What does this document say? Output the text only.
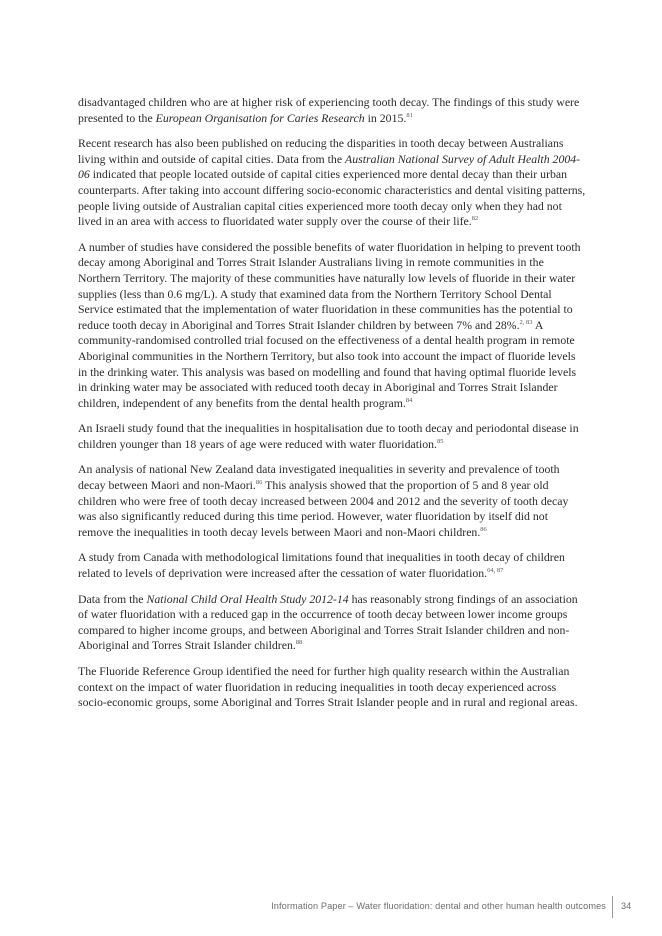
disadvantaged children who are at higher risk of experiencing tooth decay. The findings of this study were presented to the European Organisation for Caries Research in 2015.81

Recent research has also been published on reducing the disparities in tooth decay between Australians living within and outside of capital cities. Data from the Australian National Survey of Adult Health 2004-06 indicated that people located outside of capital cities experienced more dental decay than their urban counterparts. After taking into account differing socio-economic characteristics and dental visiting patterns, people living outside of Australian capital cities experienced more tooth decay only when they had not lived in an area with access to fluoridated water supply over the course of their life.$^{82}$

A number of studies have considered the possible benefits of water fluoridation in helping to prevent tooth decay among Aboriginal and Torres Strait Islander Australians living in remote communities in the Northern Territory. The majority of these communities have naturally low levels of fluoride in their water supplies (less than 0.6 mg/L). A study that examined data from the Northern Territory School Dental Service estimated that the implementation of water fluoridation in these communities has the potential to reduce tooth decay in Aboriginal and Torres Strait Islander children by between 7% and 28%.$^{2, 83}$ A community-randomised controlled trial focused on the effectiveness of a dental health program in remote Aboriginal communities in the Northern Territory, but also took into account the impact of fluoride levels in the drinking water. This analysis was based on modelling and found that having optimal fluoride levels in drinking water may be associated with reduced tooth decay in Aboriginal and Torres Strait Islander children, independent of any benefits from the dental health program.$^{84}$

An Israeli study found that the inequalities in hospitalisation due to tooth decay and periodontal disease in children younger than 18 years of age were reduced with water fluoridation.$^{85}$

An analysis of national New Zealand data investigated inequalities in severity and prevalence of tooth decay between Maori and non-Maori.$^{86}$ This analysis showed that the proportion of 5 and 8 year old children who were free of tooth decay increased between 2004 and 2012 and the severity of tooth decay was also significantly reduced during this time period. However, water fluoridation by itself did not remove the inequalities in tooth decay levels between Maori and non-Maori children.$^{86}$

A study from Canada with methodological limitations found that inequalities in tooth decay of children related to levels of deprivation were increased after the cessation of water fluoridation.$^{64, 87}$

Data from the National Child Oral Health Study 2012-14 has reasonably strong findings of an association of water fluoridation with a reduced gap in the occurrence of tooth decay between lower income groups compared to higher income groups, and between Aboriginal and Torres Strait Islander children and non-Aboriginal and Torres Strait Islander children.$^{88}$

The Fluoride Reference Group identified the need for further high quality research within the Australian context on the impact of water fluoridation in reducing inequalities in tooth decay experienced across socio-economic groups, some Aboriginal and Torres Strait Islander people and in rural and regional areas.

Information Paper – Water fluoridation: dental and other human health outcomes 34
